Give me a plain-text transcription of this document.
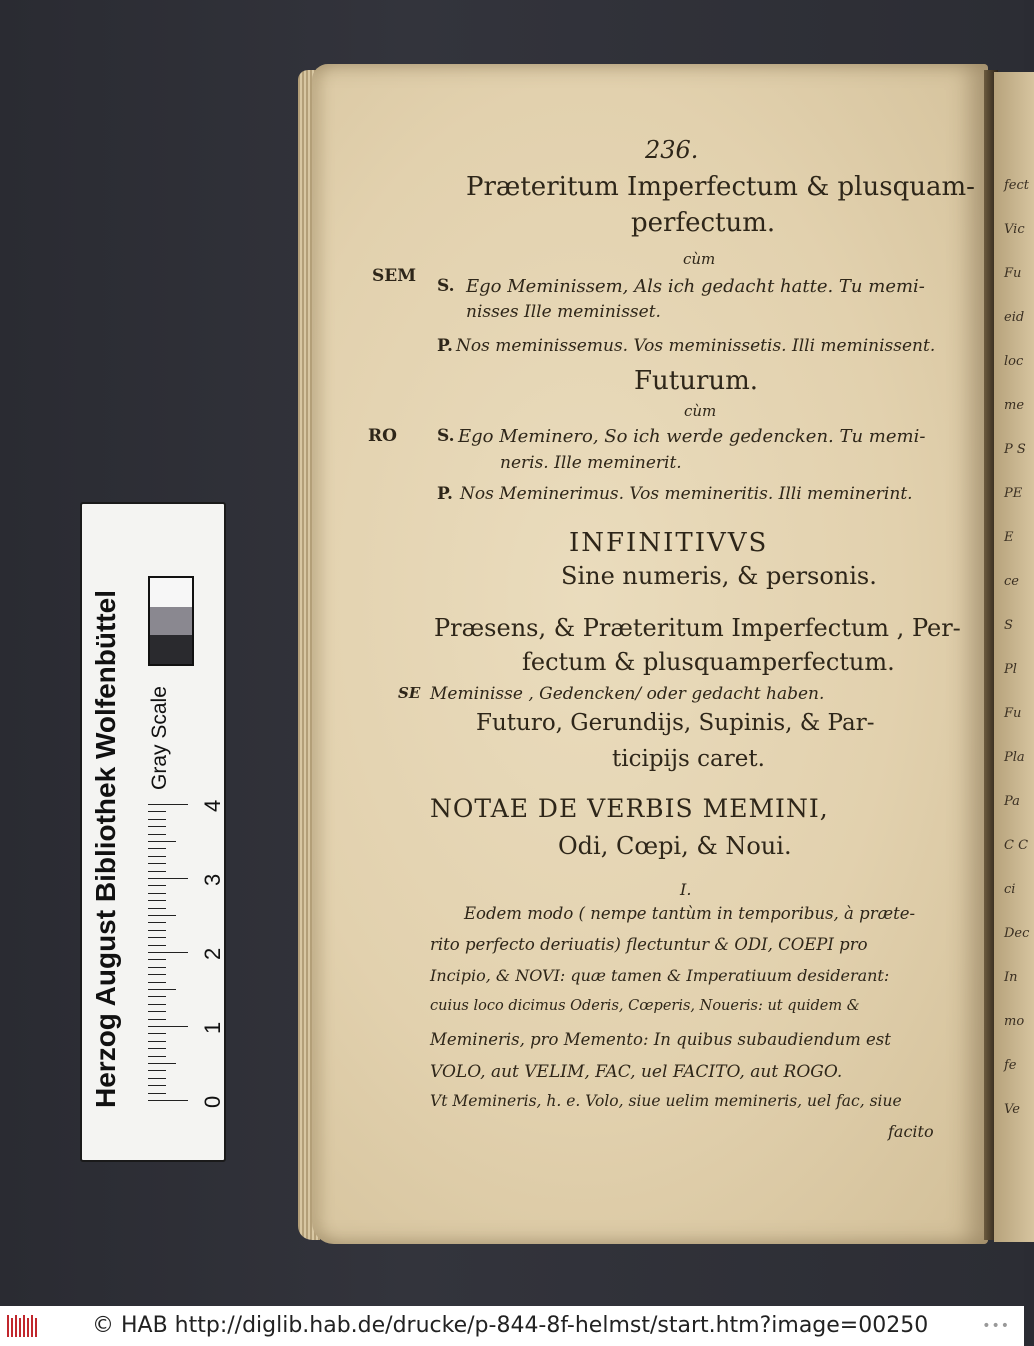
fect
Vic
Fu
eid
loc
me
P S
PE
E
ce
S
Pl
Fu
Pla
Pa
C C
ci
Dec
In
mo
fe
Ve
236.
Præteritum Imperfectum & plusquam-
perfectum.
cùm
SEM S. Ego Meminissem, Als ich gedacht hatte. Tu memi-
nisses Ille meminisset.
P. Nos meminissemus. Vos meminissetis. Illi meminissent.
Futurum.
cùm
RO S. Ego Meminero, So ich werde gedencken. Tu memi-
neris. Ille meminerit.
P. Nos Meminerimus. Vos memineritis. Illi meminerint.
INFINITIVVS
Sine numeris, & personis.
Præsens, & Præteritum Imperfectum , Per-
fectum & plusquamperfectum.
SE Meminisse , Gedencken/ oder gedacht haben.
Futuro, Gerundijs, Supinis, & Par-
ticipijs caret.
NOTAE DE VERBIS MEMINI,
Odi, Cœpi, & Noui.
I.
Eodem modo ( nempe tantùm in temporibus, à præte-
rito perfecto deriuatis) flectuntur & ODI, COEPI pro
Incipio, & NOVI: quæ tamen & Imperatiuum desiderant:
cuius loco dicimus Oderis, Cœperis, Noueris: ut quidem &
Memineris, pro Memento: In quibus subaudiendum est
VOLO, aut VELIM, FAC, uel FACITO, aut ROGO.
Vt Memineris, h. e. Volo, siue uelim memineris, uel fac, siue
facito
Herzog August Bibliothek Wolfenbüttel Gray Scale
0
1
2
3
4
© HAB http://diglib.hab.de/drucke/p-844-8f-helmst/start.htm?image=00250	•••
